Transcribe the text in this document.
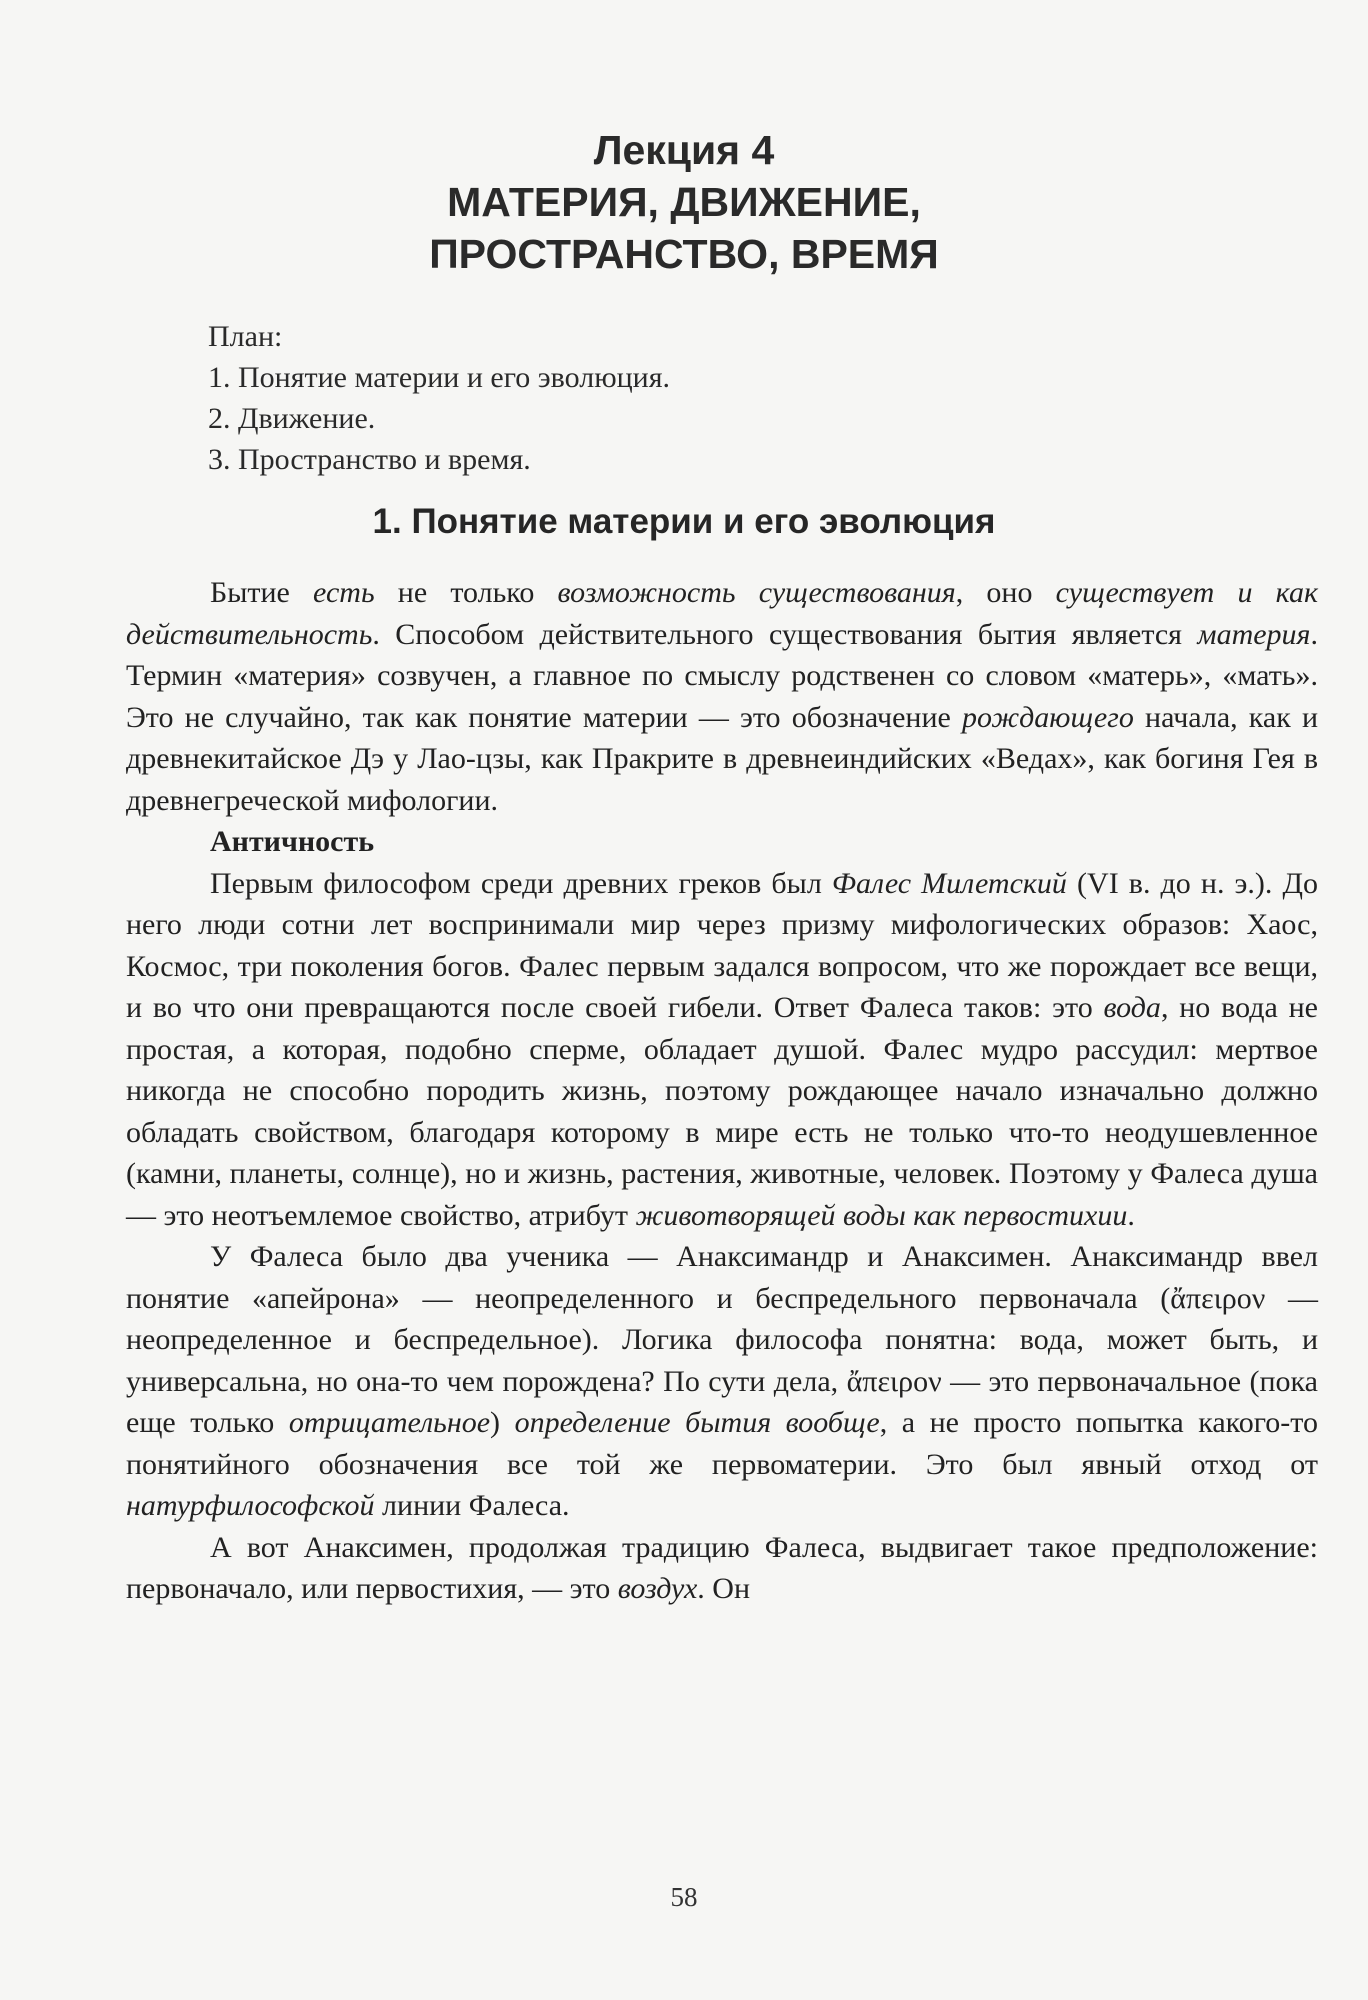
Лекция 4
МАТЕРИЯ, ДВИЖЕНИЕ,
ПРОСТРАНСТВО, ВРЕМЯ
План:
1. Понятие материи и его эволюция.
2. Движение.
3. Пространство и время.
1. Понятие материи и его эволюция

Бытие есть не только возможность существования, оно существует и как действительность. Способом действительного существования бытия является материя. Термин «материя» созвучен, а главное по смыслу родственен со словом «матерь», «мать». Это не случайно, так как понятие материи — это обозначение рождающего начала, как и древнекитайское Дэ у Лао-цзы, как Пракрите в древнеиндийских «Ведах», как богиня Гея в древнегреческой мифологии.

Античность

Первым философом среди древних греков был Фалес Милетский (VI в. до н. э.). До него люди сотни лет воспринимали мир через призму мифологических образов: Хаос, Космос, три поколения богов. Фалес первым задался вопросом, что же порождает все вещи, и во что они превращаются после своей гибели. Ответ Фалеса таков: это вода, но вода не простая, а которая, подобно сперме, обладает душой. Фалес мудро рассудил: мертвое никогда не способно породить жизнь, поэтому рождающее начало изначально должно обладать свойством, благодаря которому в мире есть не только что-то неодушевленное (камни, планеты, солнце), но и жизнь, растения, животные, человек. Поэтому у Фалеса душа — это неотъемлемое свойство, атрибут животворящей воды как первостихии.

У Фалеса было два ученика — Анаксимандр и Анаксимен. Анаксимандр ввел понятие «апейрона» — неопределенного и беспредельного первоначала (ἄπειρον — неопределенное и беспредельное). Логика философа понятна: вода, может быть, и универсальна, но она-то чем порождена? По сути дела, ἄπειρον — это первоначальное (пока еще только отрицательное) определение бытия вообще, а не просто попытка какого-то понятийного обозначения все той же первоматерии. Это был явный отход от натурфилософской линии Фалеса.

А вот Анаксимен, продолжая традицию Фалеса, выдвигает такое предположение: первоначало, или первостихия, — это воздух. Он

58
